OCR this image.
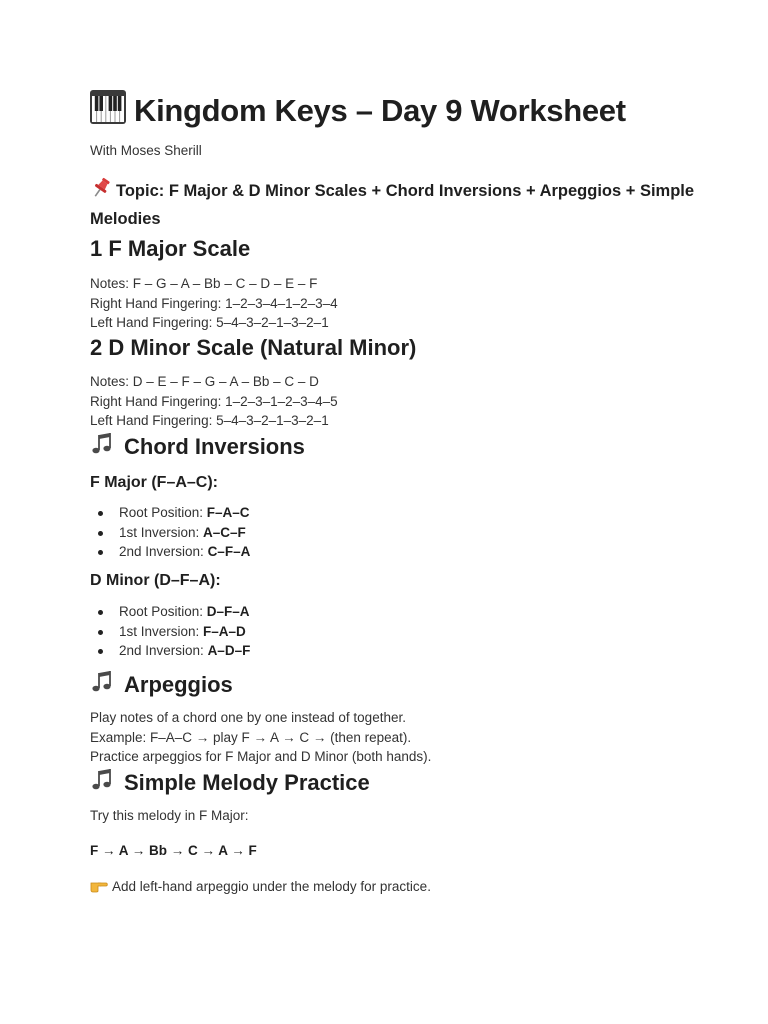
Kingdom Keys – Day 9 Worksheet
With Moses Sherill
Topic: F Major & D Minor Scales + Chord Inversions + Arpeggios + Simple Melodies
1 F Major Scale
Notes: F – G – A – Bb – C – D – E – F
Right Hand Fingering: 1–2–3–4–1–2–3–4
Left Hand Fingering: 5–4–3–2–1–3–2–1
2 D Minor Scale (Natural Minor)
Notes: D – E – F – G – A – Bb – C – D
Right Hand Fingering: 1–2–3–1–2–3–4–5
Left Hand Fingering: 5–4–3–2–1–3–2–1
Chord Inversions
F Major (F–A–C):
Root Position: F–A–C
1st Inversion: A–C–F
2nd Inversion: C–F–A
D Minor (D–F–A):
Root Position: D–F–A
1st Inversion: F–A–D
2nd Inversion: A–D–F
Arpeggios
Play notes of a chord one by one instead of together.
Example: F–A–C → play F → A → C → (then repeat).
Practice arpeggios for F Major and D Minor (both hands).
Simple Melody Practice
Try this melody in F Major:
F → A → Bb → C → A → F
Add left-hand arpeggio under the melody for practice.
